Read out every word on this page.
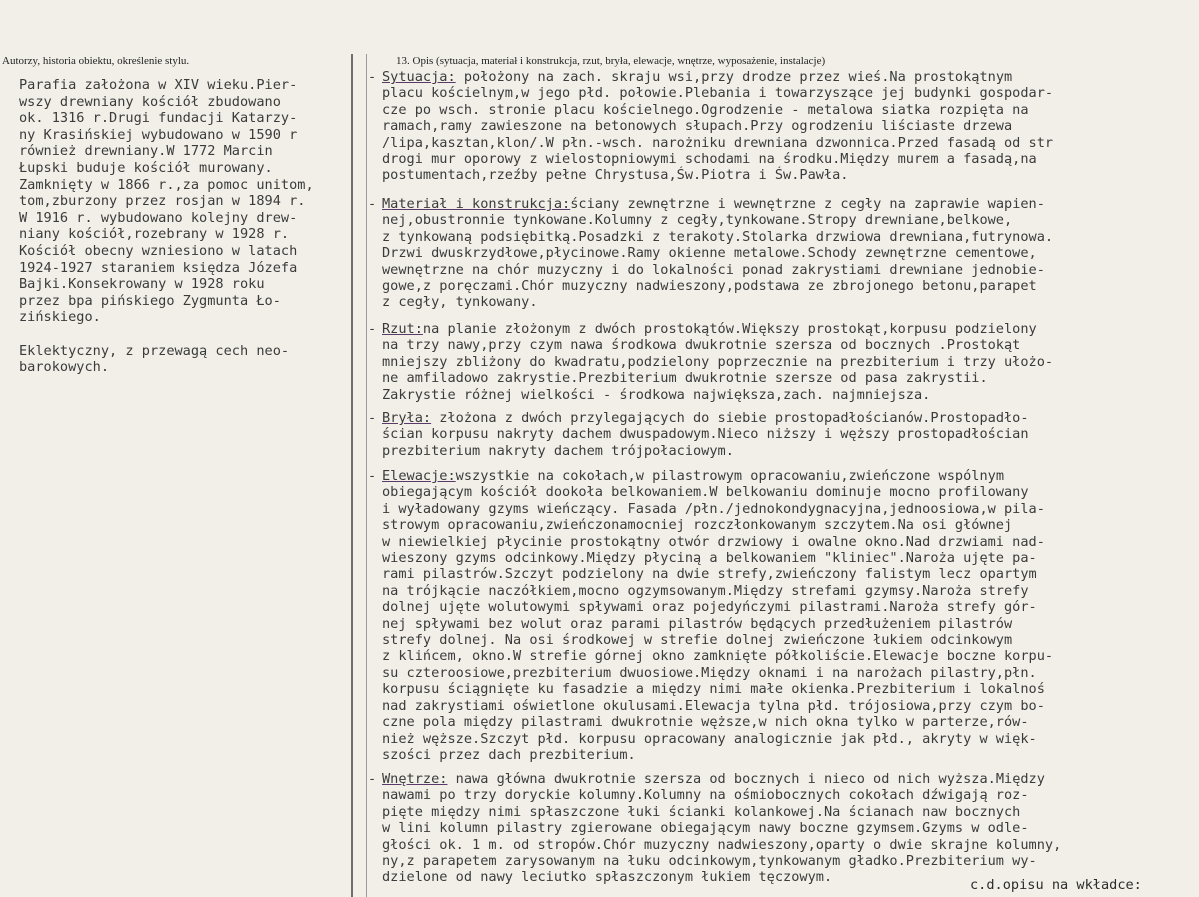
Autorzy, historia obiektu, określenie stylu.	13. Opis (sytuacja, materiał i konstrukcja, rzut, bryła, elewacje, wnętrze, wyposażenie, instalacje)
Parafia założona w XIV wieku.Pier-
wszy drewniany kościół zbudowano
ok. 1316 r.Drugi fundacji Katarzy-
ny Krasińskiej wybudowano w 1590 r
również drewniany.W 1772 Marcin
Łupski buduje kościół murowany.
Zamknięty w 1866 r.,za pomoc unitom,
tom,zburzony przez rosjan w 1894 r.
W 1916 r. wybudowano kolejny drew-
niany kościół,rozebrany w 1928 r.
Kościół obecny wzniesiono w latach
1924-1927 staraniem księdza Józefa
Bajki.Konsekrowany w 1928 roku
przez bpa pińskiego Zygmunta Ło-
zińskiego.

Eklektyczny, z przewagą cech neo-
barokowych.
- Sytuacja: położony na zach. skraju wsi,przy drodze przez wieś.Na prostokątnym
placu kościelnym,w jego płd. połowie.Plebania i towarzyszące jej budynki gospodar-
cze po wsch. stronie placu kościelnego.Ogrodzenie - metalowa siatka rozpięta na
ramach,ramy zawieszone na betonowych słupach.Przy ogrodzeniu liściaste drzewa
/lipa,kasztan,klon/.W płn.-wsch. narożniku drewniana dzwonnica.Przed fasadą od str
drogi mur oporowy z wielostopniowymi schodami na środku.Między murem a fasadą,na
postumentach,rzeźby pełne Chrystusa,Św.Piotra i Św.Pawła.
- Materiał i konstrukcja:ściany zewnętrzne i wewnętrzne z cegły na zaprawie wapien-
nej,obustronnie tynkowane.Kolumny z cegły,tynkowane.Stropy drewniane,belkowe,
z tynkowaną podsiębitką.Posadzki z terakoty.Stolarka drzwiowa drewniana,futrynowa.
Drzwi dwuskrzydłowe,płycinowe.Ramy okienne metalowe.Schody zewnętrzne cementowe,
wewnętrzne na chór muzyczny i do lokalności ponad zakrystiami drewniane jednobie-
gowe,z poręczami.Chór muzyczny nadwieszony,podstawa ze zbrojonego betonu,parapet
z cegły, tynkowany.
- Rzut:na planie złożonym z dwóch prostokątów.Większy prostokąt,korpusu podzielony
na trzy nawy,przy czym nawa środkowa dwukrotnie szersza od bocznych .Prostokąt
mniejszy zbliżony do kwadratu,podzielony poprzecznie na prezbiterium i trzy ułożo-
ne amfiladowo zakrystie.Prezbiterium dwukrotnie szersze od pasa zakrystii.
Zakrystie różnej wielkości - środkowa największa,zach. najmniejsza.
- Bryła: złożona z dwóch przylegających do siebie prostopadłościanów.Prostopadło-
ścian korpusu nakryty dachem dwuspadowym.Nieco niższy i węższy prostopadłościan
prezbiterium nakryty dachem trójpołaciowym.
- Elewacje:wszystkie na cokołach,w pilastrowym opracowaniu,zwieńczone wspólnym
obiegającym kościół dookoła belkowaniem.W belkowaniu dominuje mocno profilowany
i wyładowany gzyms wieńczący. Fasada /płn./jednokondygnacyjna,jednoosiowa,w pila-
strowym opracowaniu,zwieńczonamocniej rozczłonkowanym szczytem.Na osi głównej
w niewielkiej płycinie prostokątny otwór drzwiowy i owalne okno.Nad drzwiami nad-
wieszony gzyms odcinkowy.Między płyciną a belkowaniem "kliniec".Naroża ujęte pa-
rami pilastrów.Szczyt podzielony na dwie strefy,zwieńczony falistym lecz opartym
na trójkącie naczółkiem,mocno ogzymsowanym.Między strefami gzymsy.Naroża strefy
dolnej ujęte wolutowymi spływami oraz pojedyńczymi pilastrami.Naroża strefy gór-
nej spływami bez wolut oraz parami pilastrów będących przedłużeniem pilastrów
strefy dolnej. Na osi środkowej w strefie dolnej zwieńczone łukiem odcinkowym
z klińcem, okno.W strefie górnej okno zamknięte półkoliście.Elewacje boczne korpu-
su czteroosiowe,prezbiterium dwuosiowe.Między oknami i na narożach pilastry,płn.
korpusu ściągnięte ku fasadzie a między nimi małe okienka.Prezbiterium i lokalnoś
nad zakrystiami oświetlone okulusami.Elewacja tylna płd. trójosiowa,przy czym bo-
czne pola między pilastrami dwukrotnie węższe,w nich okna tylko w parterze,rów-
nież węższe.Szczyt płd. korpusu opracowany analogicznie jak płd., akryty w więk-
szości przez dach prezbiterium.
- Wnętrze: nawa główna dwukrotnie szersza od bocznych i nieco od nich wyższa.Między
nawami po trzy doryckie kolumny.Kolumny na ośmiobocznych cokołach dźwigają roz-
pięte między nimi spłaszczone łuki ścianki kolankowej.Na ścianach naw bocznych
w lini kolumn pilastry zgierowane obiegającym nawy boczne gzymsem.Gzyms w odle-
głości ok. 1 m. od stropów.Chór muzyczny nadwieszony,oparty o dwie skrajne kolumny,
ny,z parapetem zarysowanym na łuku odcinkowym,tynkowanym gładko.Prezbiterium wy-
dzielone od nawy leciutko spłaszczonym łukiem tęczowym.	c.d.opisu na wkładce:
